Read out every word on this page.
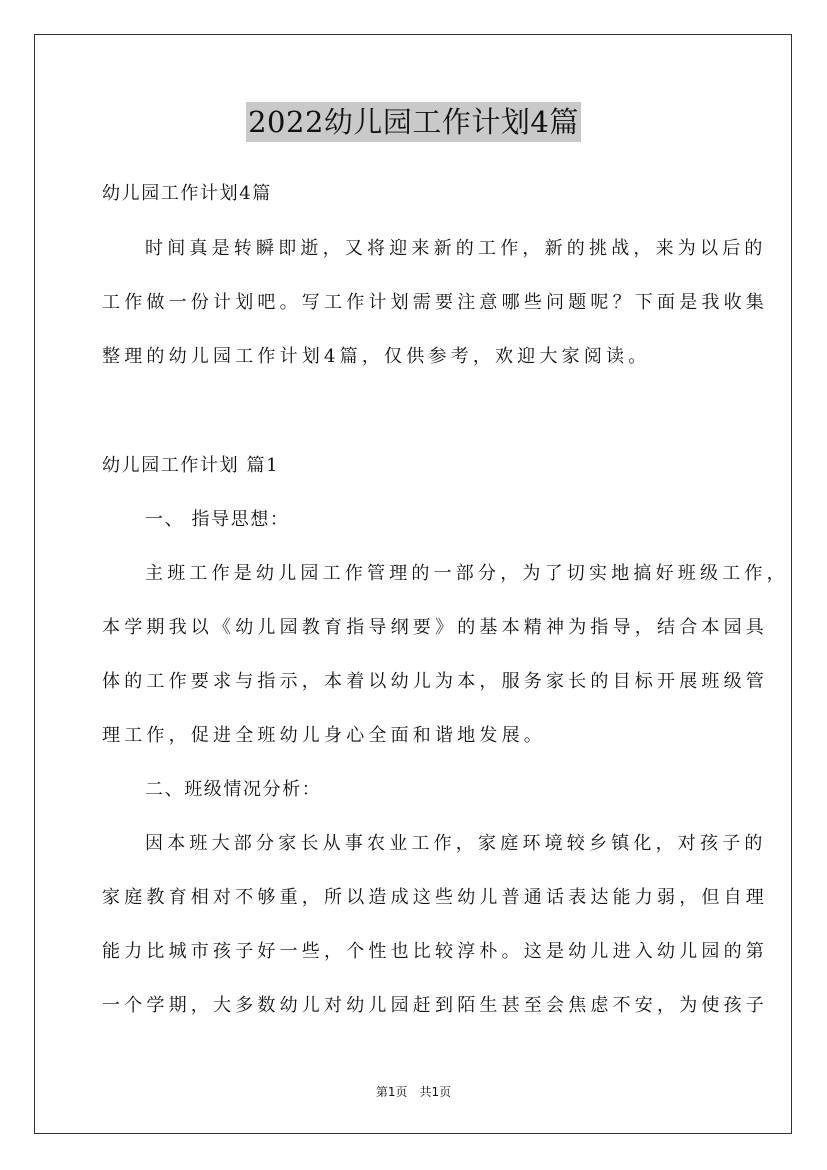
2022幼儿园工作计划4篇
幼儿园工作计划4篇
时间真是转瞬即逝，又将迎来新的工作，新的挑战，来为以后的
工作做一份计划吧。写工作计划需要注意哪些问题呢？下面是我收集
整理的幼儿园工作计划4篇，仅供参考，欢迎大家阅读。
幼儿园工作计划 篇1
一、 指导思想：
主班工作是幼儿园工作管理的一部分，为了切实地搞好班级工作，
本学期我以《幼儿园教育指导纲要》的基本精神为指导，结合本园具
体的工作要求与指示，本着以幼儿为本，服务家长的目标开展班级管
理工作，促进全班幼儿身心全面和谐地发展。
二、班级情况分析：
因本班大部分家长从事农业工作，家庭环境较乡镇化，对孩子的
家庭教育相对不够重，所以造成这些幼儿普通话表达能力弱，但自理
能力比城市孩子好一些，个性也比较淳朴。这是幼儿进入幼儿园的第
一个学期，大多数幼儿对幼儿园赶到陌生甚至会焦虑不安，为使孩子
第1页 共1页
